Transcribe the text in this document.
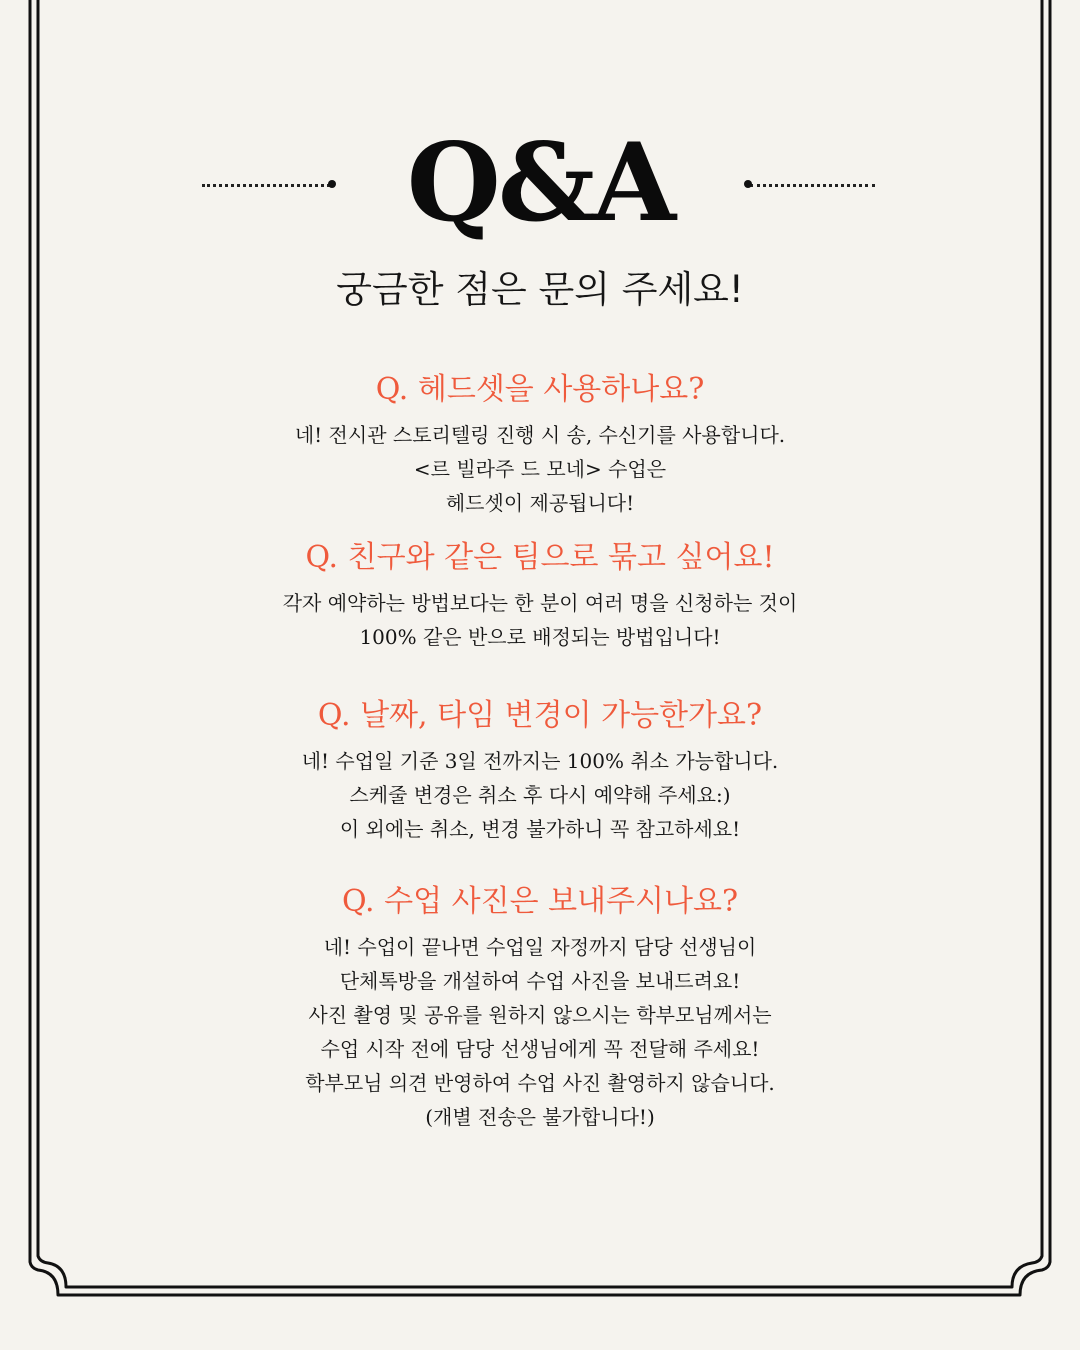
Q&A
궁금한 점은 문의 주세요!
Q. 헤드셋을 사용하나요?
네! 전시관 스토리텔링 진행 시 송, 수신기를 사용합니다.
<르 빌라주 드 모네> 수업은
헤드셋이 제공됩니다!
Q. 친구와 같은 팀으로 묶고 싶어요!
각자 예약하는 방법보다는 한 분이 여러 명을 신청하는 것이
100% 같은 반으로 배정되는 방법입니다!
Q. 날짜, 타임 변경이 가능한가요?
네! 수업일 기준 3일 전까지는 100% 취소 가능합니다.
스케줄 변경은 취소 후 다시 예약해 주세요:)
이 외에는 취소, 변경 불가하니 꼭 참고하세요!
Q. 수업 사진은 보내주시나요?
네! 수업이 끝나면 수업일 자정까지 담당 선생님이
단체톡방을 개설하여 수업 사진을 보내드려요!
사진 촬영 및 공유를 원하지 않으시는 학부모님께서는
수업 시작 전에 담당 선생님에게 꼭 전달해 주세요!
학부모님 의견 반영하여 수업 사진 촬영하지 않습니다.
(개별 전송은 불가합니다!)
